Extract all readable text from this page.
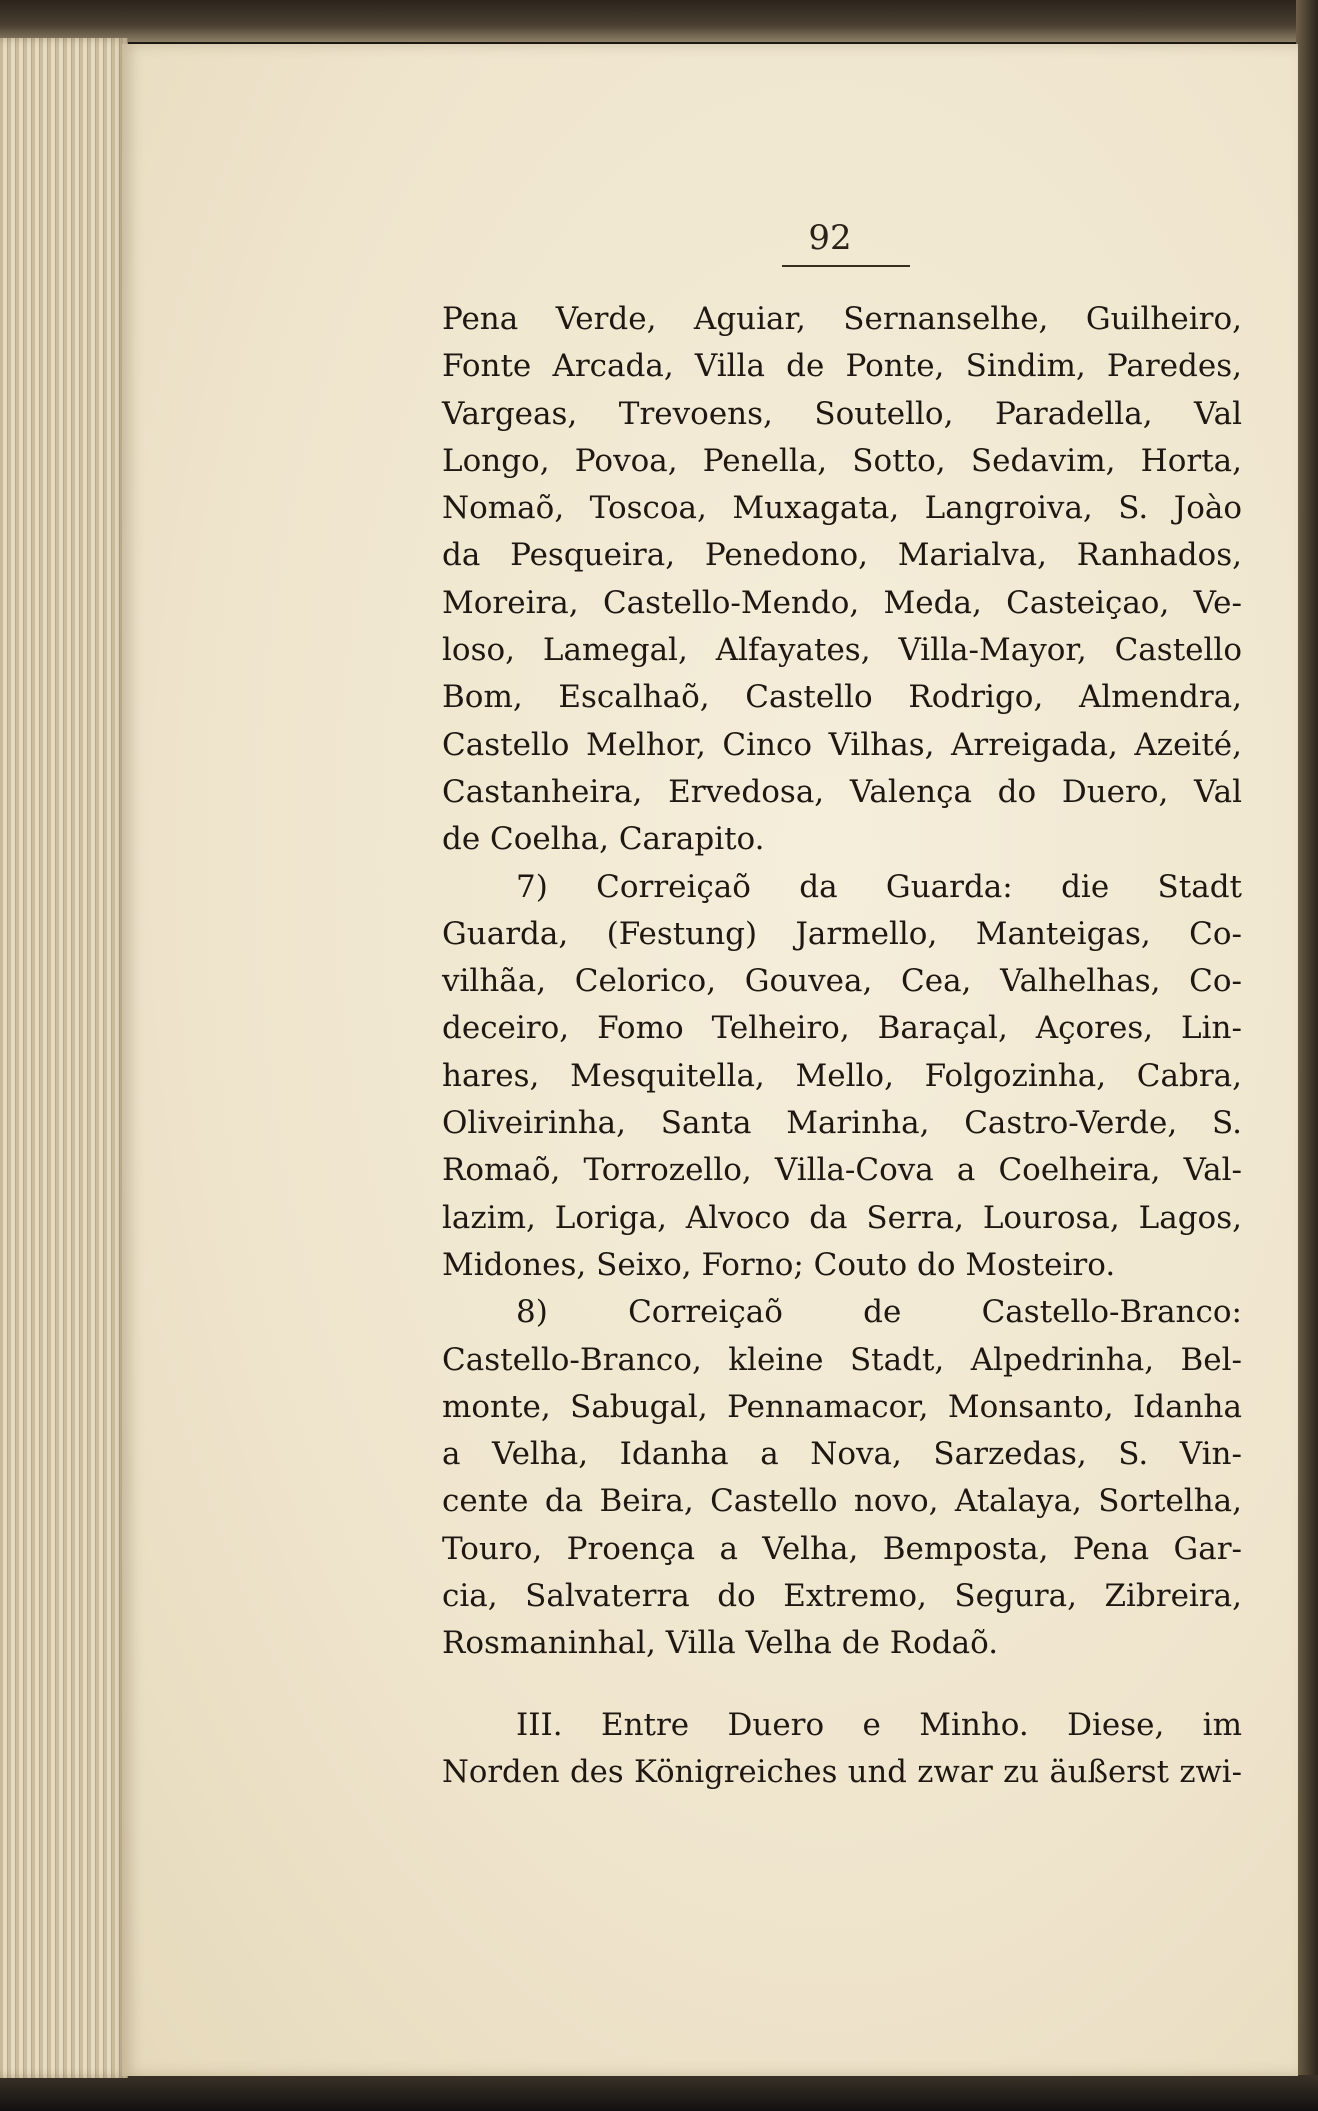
92
Pena Verde, Aguiar, Sernanselhe, Guilheiro,
Fonte Arcada, Villa de Ponte, Sindim, Paredes,
Vargeas, Trevoens, Soutello, Paradella, Val
Longo, Povoa, Penella, Sotto, Sedavim, Horta,
Nomaõ, Toscoa, Muxagata, Langroiva, S. Joào
da Pesqueira, Penedono, Marialva, Ranhados,
Moreira, Castello-Mendo, Meda, Casteiçao, Ve-
loso, Lamegal, Alfayates, Villa-Mayor, Castello
Bom, Escalhaõ, Castello Rodrigo, Almendra,
Castello Melhor, Cinco Vilhas, Arreigada, Azeité,
Castanheira, Ervedosa, Valença do Duero, Val
de Coelha, Carapito.
7) Correiçaõ da Guarda: die Stadt
Guarda, (Festung) Jarmello, Manteigas, Co-
vilhãa, Celorico, Gouvea, Cea, Valhelhas, Co-
deceiro, Fomo Telheiro, Baraçal, Açores, Lin-
hares, Mesquitella, Mello, Folgozinha, Cabra,
Oliveirinha, Santa Marinha, Castro-Verde, S.
Romaõ, Torrozello, Villa-Cova a Coelheira, Val-
lazim, Loriga, Alvoco da Serra, Lourosa, Lagos,
Midones, Seixo, Forno; Couto do Mosteiro.
8) Correiçaõ de Castello-Branco:
Castello-Branco, kleine Stadt, Alpedrinha, Bel-
monte, Sabugal, Pennamacor, Monsanto, Idanha
a Velha, Idanha a Nova, Sarzedas, S. Vin-
cente da Beira, Castello novo, Atalaya, Sortelha,
Touro, Proença a Velha, Bemposta, Pena Gar-
cia, Salvaterra do Extremo, Segura, Zibreira,
Rosmaninhal, Villa Velha de Rodaõ.
III. Entre Duero e Minho. Diese, im
Norden des Königreiches und zwar zu äußerst zwi-
